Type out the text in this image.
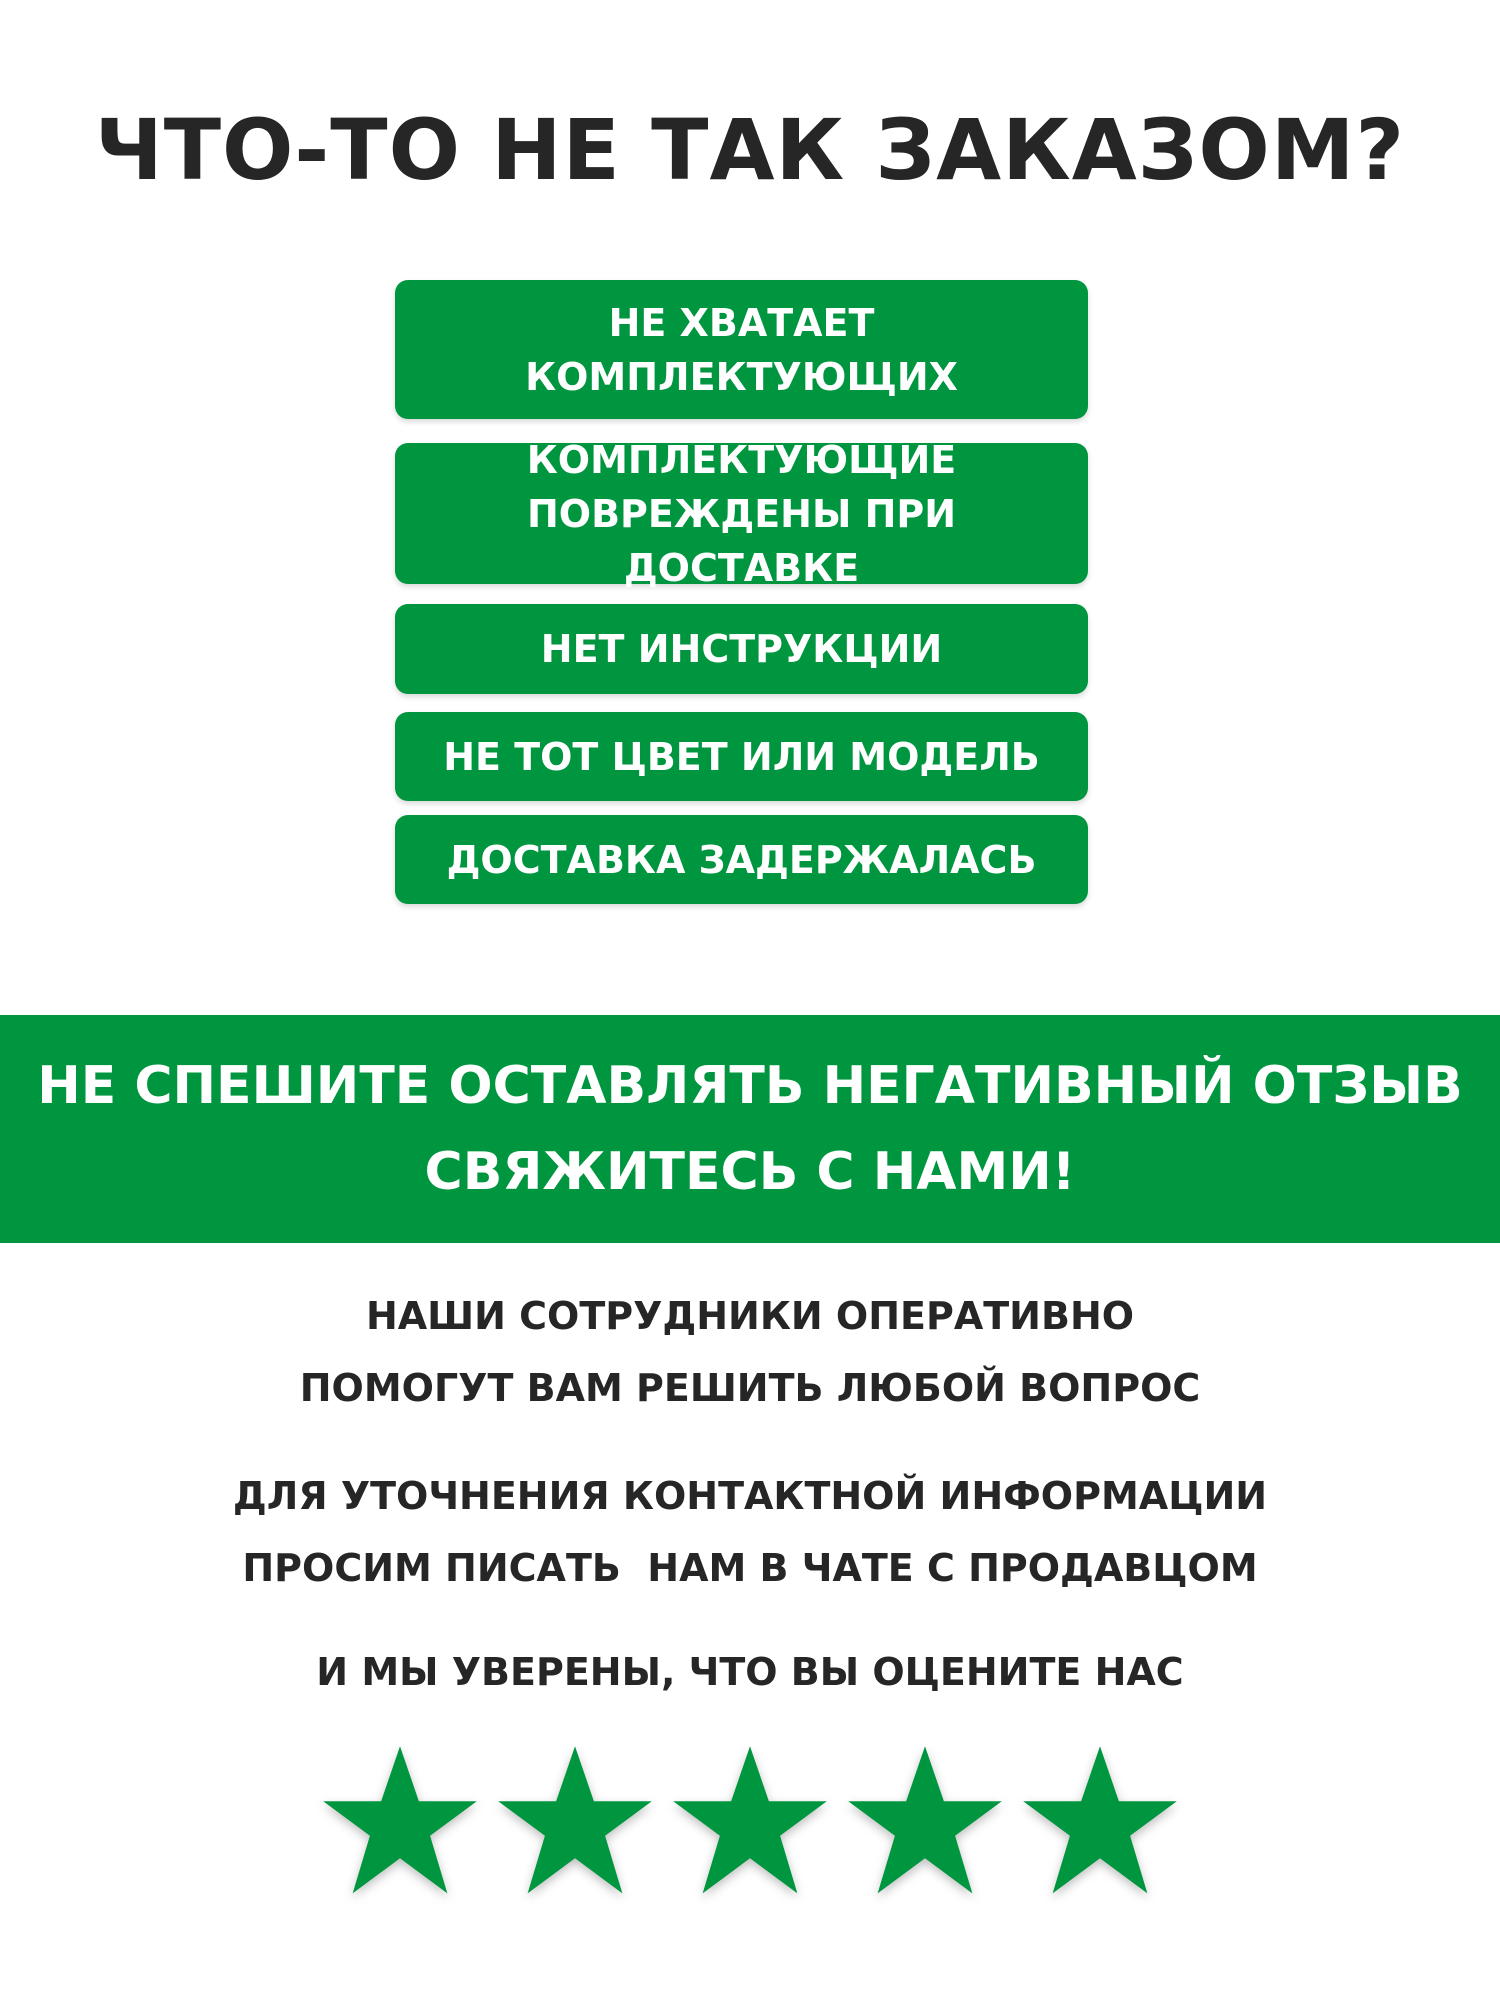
ЧТО-ТО НЕ ТАК ЗАКАЗОМ?
НЕ ХВАТАЕТ
КОМПЛЕКТУЮЩИХ
КОМПЛЕКТУЮЩИЕ
ПОВРЕЖДЕНЫ ПРИ ДОСТАВКЕ
НЕТ ИНСТРУКЦИИ
НЕ ТОТ ЦВЕТ ИЛИ МОДЕЛЬ
ДОСТАВКА ЗАДЕРЖАЛАСЬ
НЕ СПЕШИТЕ ОСТАВЛЯТЬ НЕГАТИВНЫЙ ОТЗЫВ
СВЯЖИТЕСЬ С НАМИ!
НАШИ СОТРУДНИКИ ОПЕРАТИВНО
ПОМОГУТ ВАМ РЕШИТЬ ЛЮБОЙ ВОПРОС
ДЛЯ УТОЧНЕНИЯ КОНТАКТНОЙ ИНФОРМАЦИИ
ПРОСИМ ПИСАТЬ  НАМ В ЧАТЕ С ПРОДАВЦОМ
И МЫ УВЕРЕНЫ, ЧТО ВЫ ОЦЕНИТЕ НАС
